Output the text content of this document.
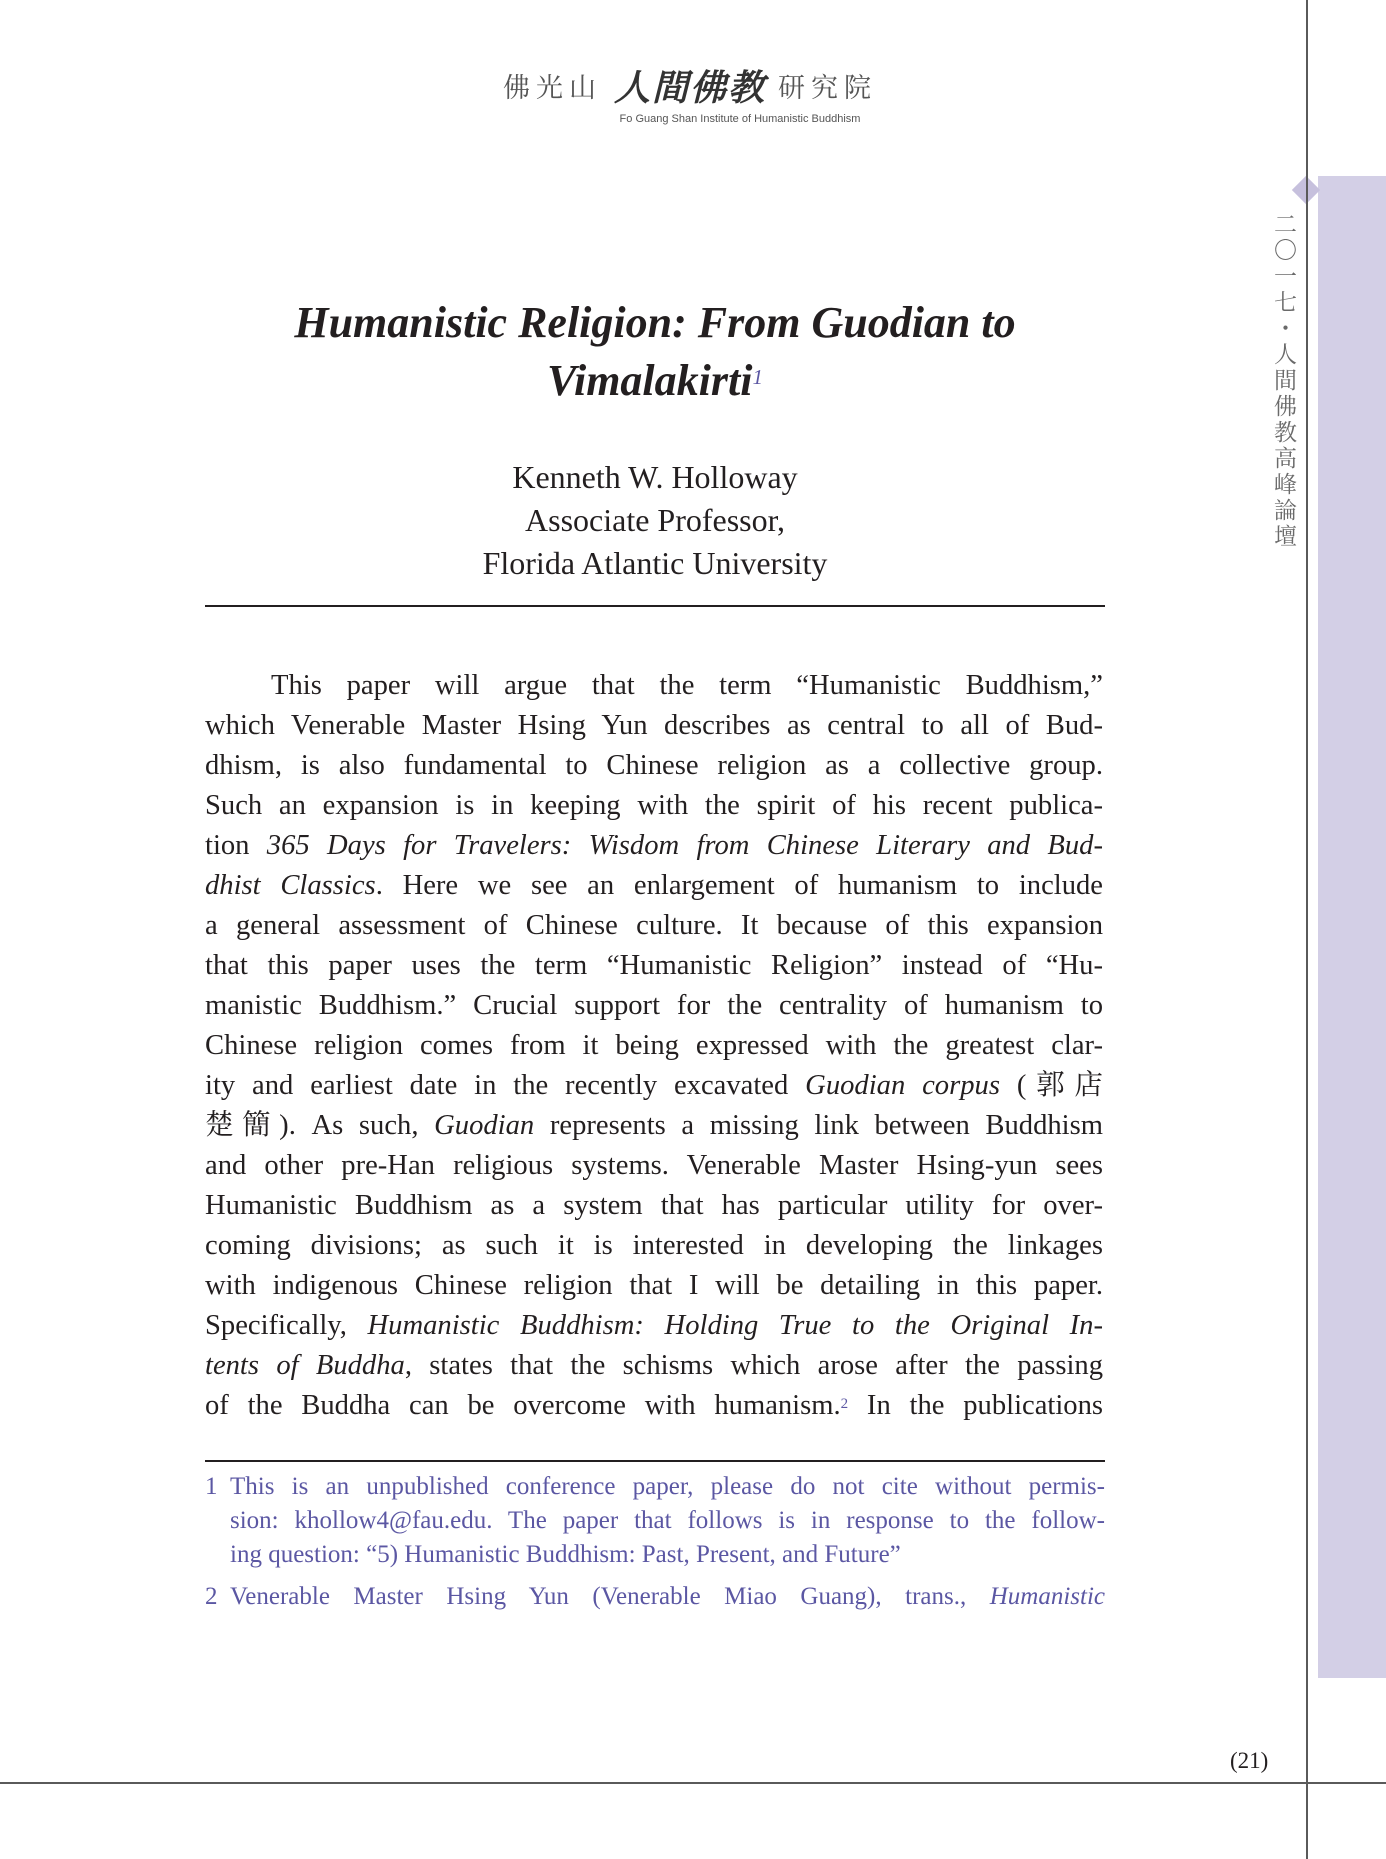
佛光山 人間佛教 研究院
Fo Guang Shan Institute of Humanistic Buddhism
二〇一七・人間佛教高峰論壇
Humanistic Religion: From Guodian to
Vimalakirti$^1$
Kenneth W. Holloway
Associate Professor,
Florida Atlantic University
This paper will argue that the term “Humanistic Buddhism,”
which Venerable Master Hsing Yun describes as central to all of Bud-
dhism, is also fundamental to Chinese religion as a collective group.
Such an expansion is in keeping with the spirit of his recent publica-
tion 365 Days for Travelers: Wisdom from Chinese Literary and Bud-
dhist Classics. Here we see an enlargement of humanism to include
a general assessment of Chinese culture. It because of this expansion
that this paper uses the term “Humanistic Religion” instead of “Hu-
manistic Buddhism.” Crucial support for the centrality of humanism to
Chinese religion comes from it being expressed with the greatest clar-
ity and earliest date in the recently excavated Guodian corpus (郭店
楚簡). As such, Guodian represents a missing link between Buddhism
and other pre-Han religious systems. Venerable Master Hsing-yun sees
Humanistic Buddhism as a system that has particular utility for over-
coming divisions; as such it is interested in developing the linkages
with indigenous Chinese religion that I will be detailing in this paper.
Specifically, Humanistic Buddhism: Holding True to the Original In-
tents of Buddha, states that the schisms which arose after the passing
of the Buddha can be overcome with humanism.$^2$ In the publications
1 This is an unpublished conference paper, please do not cite without permis-
sion: khollow4@fau.edu. The paper that follows is in response to the follow-
ing question: “5) Humanistic Buddhism: Past, Present, and Future”
2 Venerable Master Hsing Yun (Venerable Miao Guang), trans., Humanistic
(21)
